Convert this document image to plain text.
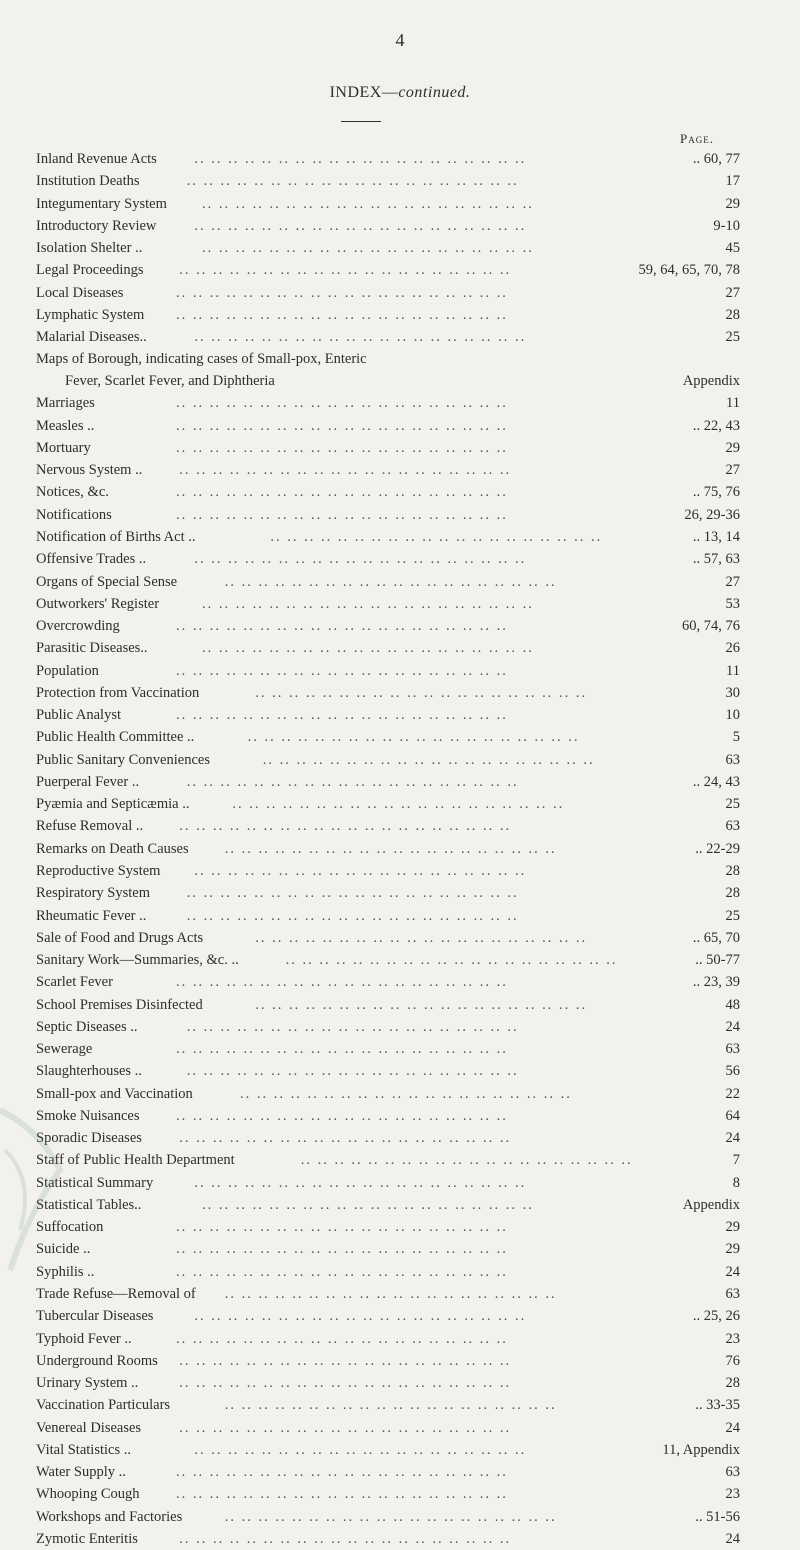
4
INDEX—continued.
Page.
Inland Revenue Acts	.. .. .. .. .. .. .. .. .. .. .. .. .. .. .. .. .. .. .. ..	.. 60, 77
Institution Deaths	.. .. .. .. .. .. .. .. .. .. .. .. .. .. .. .. .. .. .. ..	17
Integumentary System .. .. .. .. .. .. .. .. .. .. .. .. .. .. .. .. .. .. .. ..	29
Introductory Review	.. .. .. .. .. .. .. .. .. .. .. .. .. .. .. .. .. .. .. ..	9-10
Isolation Shelter ..	.. .. .. .. .. .. .. .. .. .. .. .. .. .. .. .. .. .. .. ..	45
Legal Proceedings .. .. .. .. .. .. .. .. .. .. .. .. .. .. .. .. .. .. .. ..	59, 64, 65, 70, 78
Local Diseases	.. .. .. .. .. .. .. .. .. .. .. .. .. .. .. .. .. .. .. ..	27
Lymphatic System .. .. .. .. .. .. .. .. .. .. .. .. .. .. .. .. .. .. .. ..	28
Malarial Diseases..	.. .. .. .. .. .. .. .. .. .. .. .. .. .. .. .. .. .. .. ..	25
Maps of Borough, indicating cases of Small-pox, Enteric
Fever, Scarlet Fever, and Diphtheria	Appendix
Marriages	.. .. .. .. .. .. .. .. .. .. .. .. .. .. .. .. .. .. .. ..	11
Measles ..	.. .. .. .. .. .. .. .. .. .. .. .. .. .. .. .. .. .. .. ..	.. 22, 43
Mortuary	.. .. .. .. .. .. .. .. .. .. .. .. .. .. .. .. .. .. .. ..	29
Nervous System ..	.. .. .. .. .. .. .. .. .. .. .. .. .. .. .. .. .. .. .. ..	27
Notices, &c.	.. .. .. .. .. .. .. .. .. .. .. .. .. .. .. .. .. .. .. ..	.. 75, 76
Notifications	.. .. .. .. .. .. .. .. .. .. .. .. .. .. .. .. .. .. .. ..	26, 29-36
Notification of Births Act ..	.. .. .. .. .. .. .. .. .. .. .. .. .. .. .. .. .. .. .. ..	.. 13, 14
Offensive Trades ..	.. .. .. .. .. .. .. .. .. .. .. .. .. .. .. .. .. .. .. ..	.. 57, 63
Organs of Special Sense	.. .. .. .. .. .. .. .. .. .. .. .. .. .. .. .. .. .. .. ..	27
Outworkers' Register	.. .. .. .. .. .. .. .. .. .. .. .. .. .. .. .. .. .. .. ..	53
Overcrowding	.. .. .. .. .. .. .. .. .. .. .. .. .. .. .. .. .. .. .. ..	60, 74, 76
Parasitic Diseases..	.. .. .. .. .. .. .. .. .. .. .. .. .. .. .. .. .. .. .. ..	26
Population	.. .. .. .. .. .. .. .. .. .. .. .. .. .. .. .. .. .. .. ..	11
Protection from Vaccination	.. .. .. .. .. .. .. .. .. .. .. .. .. .. .. .. .. .. .. ..	30
Public Analyst	.. .. .. .. .. .. .. .. .. .. .. .. .. .. .. .. .. .. .. ..	10
Public Health Committee ..	.. .. .. .. .. .. .. .. .. .. .. .. .. .. .. .. .. .. .. ..	5
Public Sanitary Conveniences	.. .. .. .. .. .. .. .. .. .. .. .. .. .. .. .. .. .. .. ..	63
Puerperal Fever ..	.. .. .. .. .. .. .. .. .. .. .. .. .. .. .. .. .. .. .. ..	.. 24, 43
Pyæmia and Septicæmia ..	.. .. .. .. .. .. .. .. .. .. .. .. .. .. .. .. .. .. .. ..	25
Refuse Removal .. .. .. .. .. .. .. .. .. .. .. .. .. .. .. .. .. .. .. .. ..	63
Remarks on Death Causes .. .. .. .. .. .. .. .. .. .. .. .. .. .. .. .. .. .. .. ..	.. 22-29
Reproductive System .. .. .. .. .. .. .. .. .. .. .. .. .. .. .. .. .. .. .. ..	28
Respiratory System	.. .. .. .. .. .. .. .. .. .. .. .. .. .. .. .. .. .. .. ..	28
Rheumatic Fever ..	.. .. .. .. .. .. .. .. .. .. .. .. .. .. .. .. .. .. .. ..	25
Sale of Food and Drugs Acts	.. .. .. .. .. .. .. .. .. .. .. .. .. .. .. .. .. .. .. ..	.. 65, 70
Sanitary Work—Summaries, &c. ..	.. .. .. .. .. .. .. .. .. .. .. .. .. .. .. .. .. .. .. ..	.. 50-77
Scarlet Fever	.. .. .. .. .. .. .. .. .. .. .. .. .. .. .. .. .. .. .. ..	.. 23, 39
School Premises Disinfected	.. .. .. .. .. .. .. .. .. .. .. .. .. .. .. .. .. .. .. ..	48
Septic Diseases ..	.. .. .. .. .. .. .. .. .. .. .. .. .. .. .. .. .. .. .. ..	24
Sewerage	.. .. .. .. .. .. .. .. .. .. .. .. .. .. .. .. .. .. .. ..	63
Slaughterhouses ..	.. .. .. .. .. .. .. .. .. .. .. .. .. .. .. .. .. .. .. ..	56
Small-pox and Vaccination	.. .. .. .. .. .. .. .. .. .. .. .. .. .. .. .. .. .. .. ..	22
Smoke Nuisances	.. .. .. .. .. .. .. .. .. .. .. .. .. .. .. .. .. .. .. ..	64
Sporadic Diseases	.. .. .. .. .. .. .. .. .. .. .. .. .. .. .. .. .. .. .. ..	24
Staff of Public Health Department	.. .. .. .. .. .. .. .. .. .. .. .. .. .. .. .. .. .. .. ..	7
Statistical Summary	.. .. .. .. .. .. .. .. .. .. .. .. .. .. .. .. .. .. .. ..	8
Statistical Tables..	.. .. .. .. .. .. .. .. .. .. .. .. .. .. .. .. .. .. .. ..	Appendix
Suffocation	.. .. .. .. .. .. .. .. .. .. .. .. .. .. .. .. .. .. .. ..	29
Suicide ..	.. .. .. .. .. .. .. .. .. .. .. .. .. .. .. .. .. .. .. ..	29
Syphilis ..	.. .. .. .. .. .. .. .. .. .. .. .. .. .. .. .. .. .. .. ..	24
Trade Refuse—Removal of .. .. .. .. .. .. .. .. .. .. .. .. .. .. .. .. .. .. .. ..	63
Tubercular Diseases	.. .. .. .. .. .. .. .. .. .. .. .. .. .. .. .. .. .. .. ..	.. 25, 26
Typhoid Fever ..	.. .. .. .. .. .. .. .. .. .. .. .. .. .. .. .. .. .. .. ..	23
Underground Rooms .. .. .. .. .. .. .. .. .. .. .. .. .. .. .. .. .. .. .. ..	76
Urinary System ..	.. .. .. .. .. .. .. .. .. .. .. .. .. .. .. .. .. .. .. ..	28
Vaccination Particulars	.. .. .. .. .. .. .. .. .. .. .. .. .. .. .. .. .. .. .. ..	.. 33-35
Venereal Diseases	.. .. .. .. .. .. .. .. .. .. .. .. .. .. .. .. .. .. .. ..	24
Vital Statistics ..	.. .. .. .. .. .. .. .. .. .. .. .. .. .. .. .. .. .. .. ..	11, Appendix
Water Supply ..	.. .. .. .. .. .. .. .. .. .. .. .. .. .. .. .. .. .. .. ..	63
Whooping Cough	.. .. .. .. .. .. .. .. .. .. .. .. .. .. .. .. .. .. .. ..	23
Workshops and Factories	.. .. .. .. .. .. .. .. .. .. .. .. .. .. .. .. .. .. .. ..	.. 51-56
Zymotic Enteritis	.. .. .. .. .. .. .. .. .. .. .. .. .. .. .. .. .. .. .. ..	24
